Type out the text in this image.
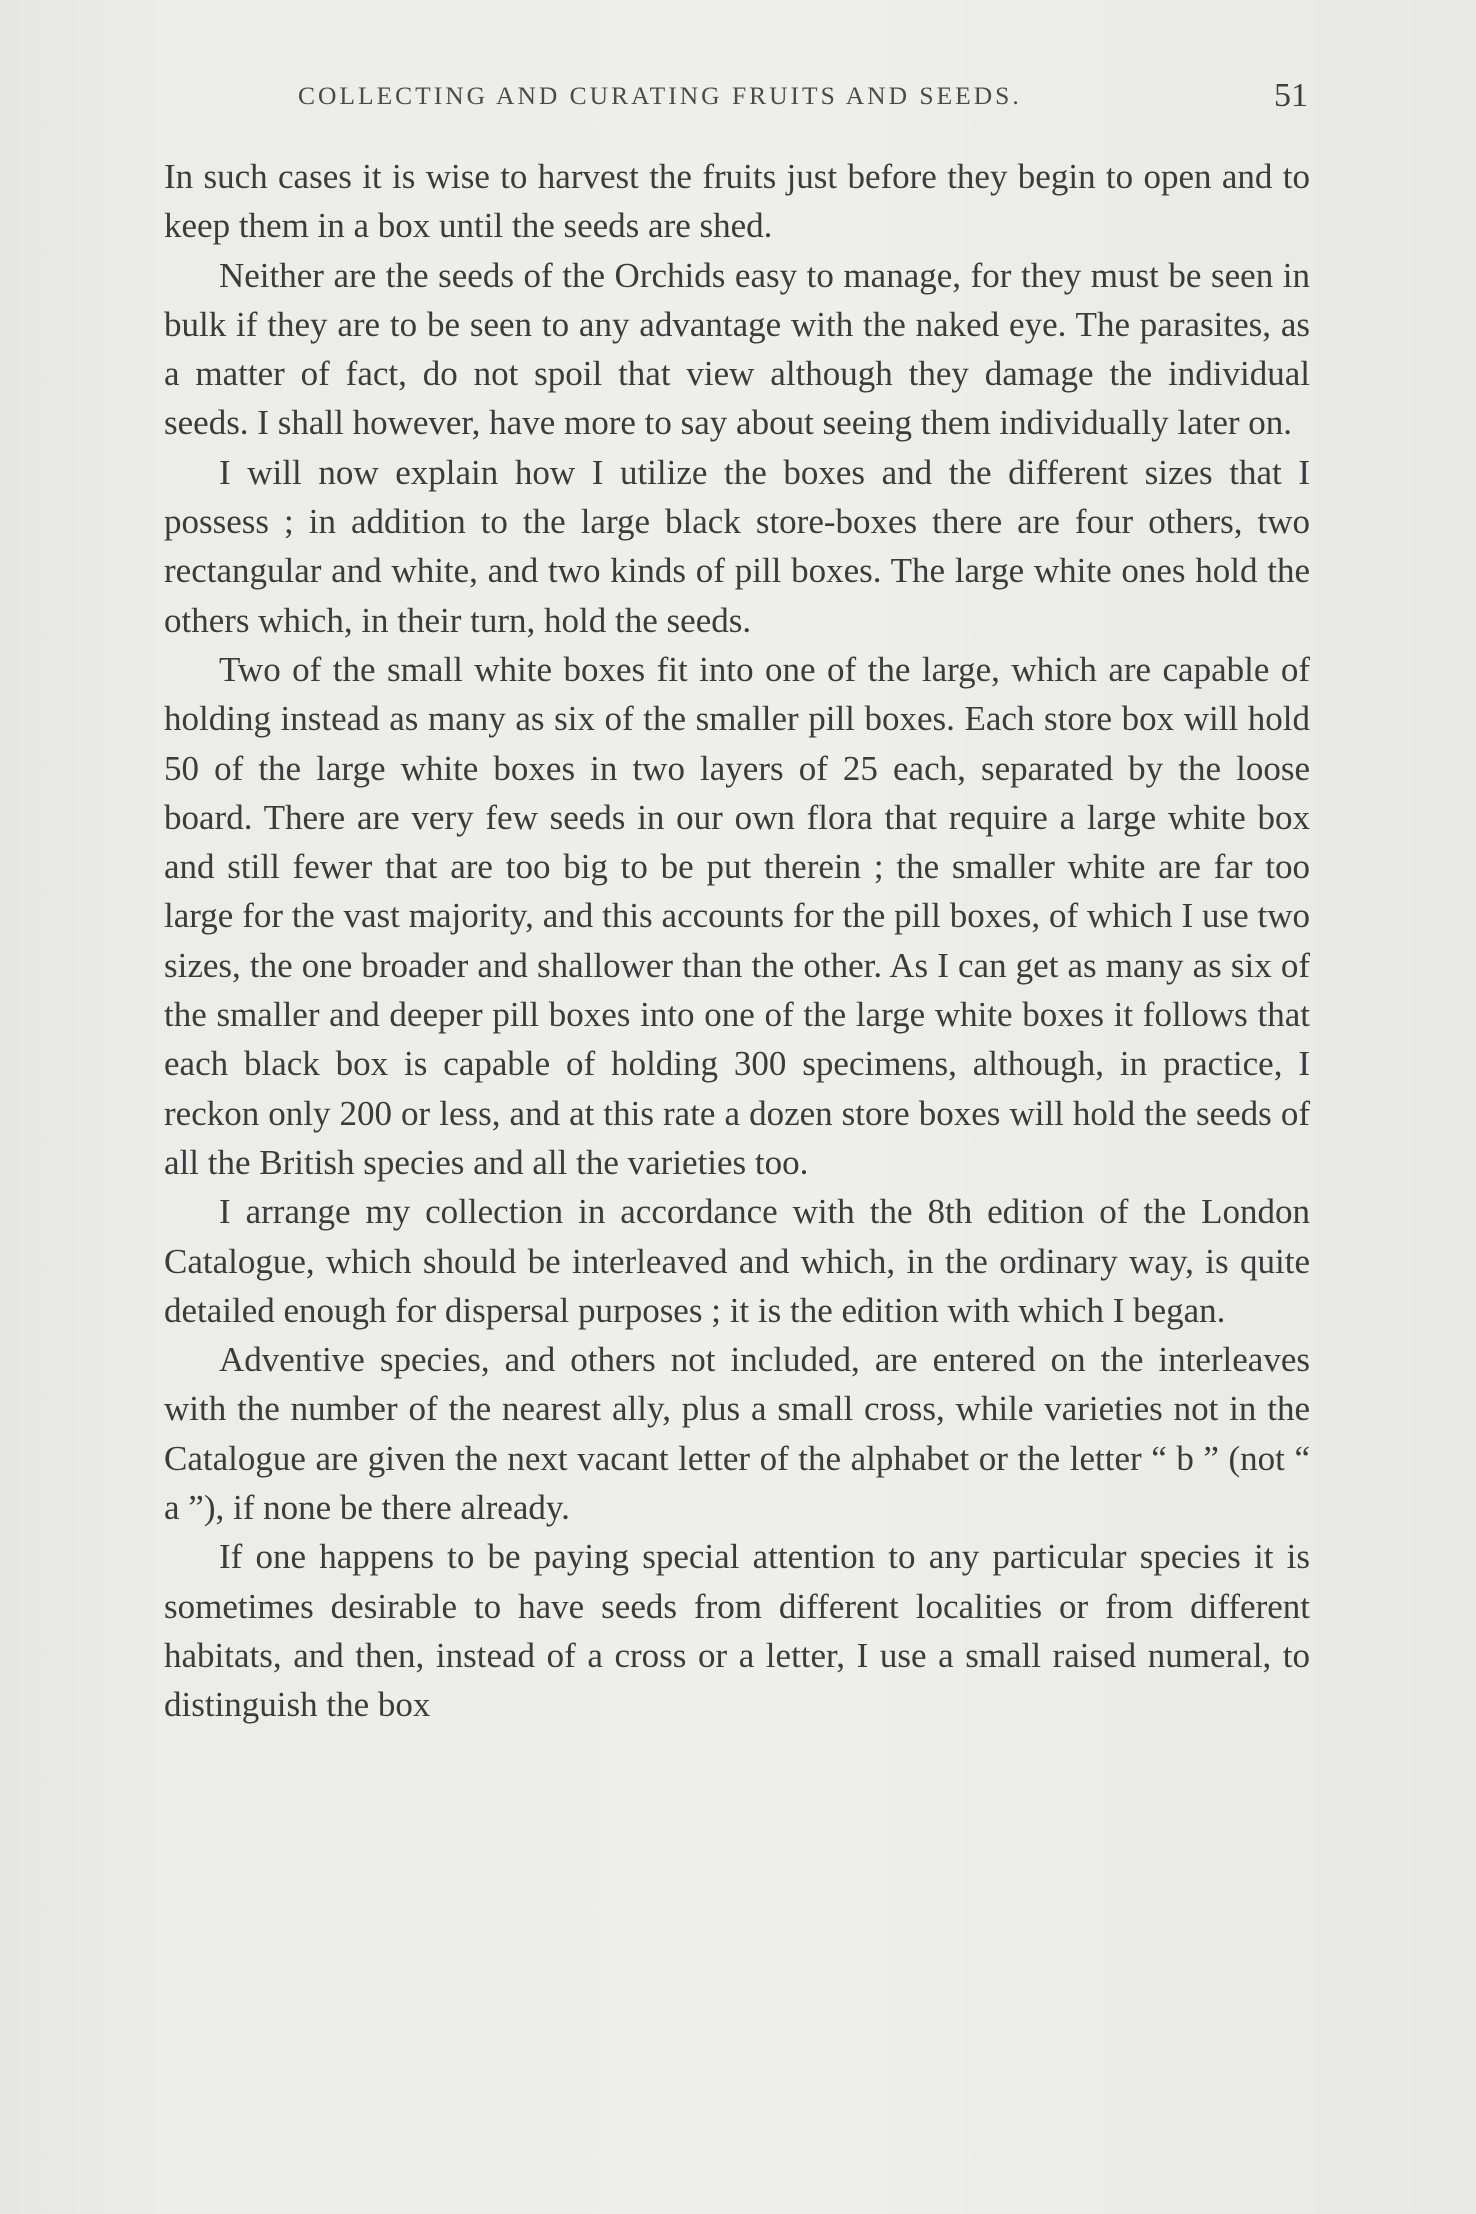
COLLECTING AND CURATING FRUITS AND SEEDS.	51

In such cases it is wise to harvest the fruits just before they begin to open and to keep them in a box until the seeds are shed.

Neither are the seeds of the Orchids easy to manage, for they must be seen in bulk if they are to be seen to any advantage with the naked eye. The parasites, as a matter of fact, do not spoil that view although they damage the individual seeds. I shall however, have more to say about seeing them individually later on.

I will now explain how I utilize the boxes and the different sizes that I possess ; in addition to the large black store-boxes there are four others, two rectangular and white, and two kinds of pill boxes. The large white ones hold the others which, in their turn, hold the seeds.

Two of the small white boxes fit into one of the large, which are capable of holding instead as many as six of the smaller pill boxes. Each store box will hold 50 of the large white boxes in two layers of 25 each, separated by the loose board. There are very few seeds in our own flora that require a large white box and still fewer that are too big to be put therein ; the smaller white are far too large for the vast majority, and this accounts for the pill boxes, of which I use two sizes, the one broader and shallower than the other. As I can get as many as six of the smaller and deeper pill boxes into one of the large white boxes it follows that each black box is capable of holding 300 specimens, although, in practice, I reckon only 200 or less, and at this rate a dozen store boxes will hold the seeds of all the British species and all the varieties too.

I arrange my collection in accordance with the 8th edition of the London Catalogue, which should be interleaved and which, in the ordinary way, is quite detailed enough for dispersal purposes ; it is the edition with which I began.

Adventive species, and others not included, are entered on the interleaves with the number of the nearest ally, plus a small cross, while varieties not in the Catalogue are given the next vacant letter of the alphabet or the letter “ b ” (not “ a ”), if none be there already.

If one happens to be paying special attention to any particular species it is sometimes desirable to have seeds from different localities or from different habitats, and then, instead of a cross or a letter, I use a small raised numeral, to distinguish the box
